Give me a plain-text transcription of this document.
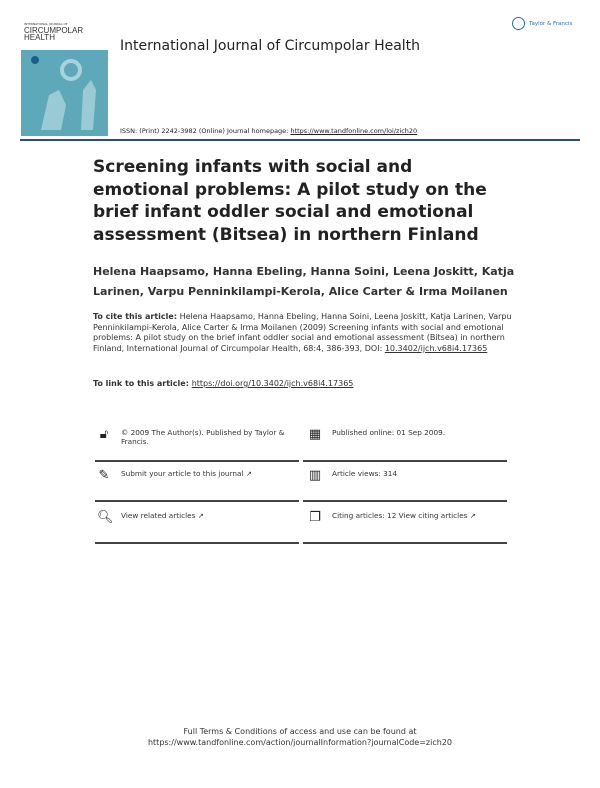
INTERNATIONAL JOURNAL OF
CIRCUMPOLAR
HEALTH
International Journal of Circumpolar Health
Taylor & Francis
ISSN: (Print) 2242-3982 (Online) Journal homepage: https://www.tandfonline.com/loi/zich20
Screening infants with social and emotional problems: A pilot study on the brief infant oddler social and emotional assessment (Bitsea) in northern Finland
Helena Haapsamo, Hanna Ebeling, Hanna Soini, Leena Joskitt, Katja Larinen, Varpu Penninkilampi-Kerola, Alice Carter & Irma Moilanen
To cite this article: Helena Haapsamo, Hanna Ebeling, Hanna Soini, Leena Joskitt, Katja Larinen, Varpu Penninkilampi-Kerola, Alice Carter & Irma Moilanen (2009) Screening infants with social and emotional problems: A pilot study on the brief infant oddler social and emotional assessment (Bitsea) in northern Finland, International Journal of Circumpolar Health, 68:4, 386-393, DOI: 10.3402/ijch.v68i4.17365
To link to this article: https://doi.org/10.3402/ijch.v68i4.17365
🔓︎	© 2009 The Author(s). Published by Taylor & Francis.	▦ Published online: 01 Sep 2009.
✎ Submit your article to this journal ↗	▥ Article views: 314
🔍︎ View related articles ↗	❐ Citing articles: 12 View citing articles ↗
Full Terms & Conditions of access and use can be found at
https://www.tandfonline.com/action/journalInformation?journalCode=zich20
